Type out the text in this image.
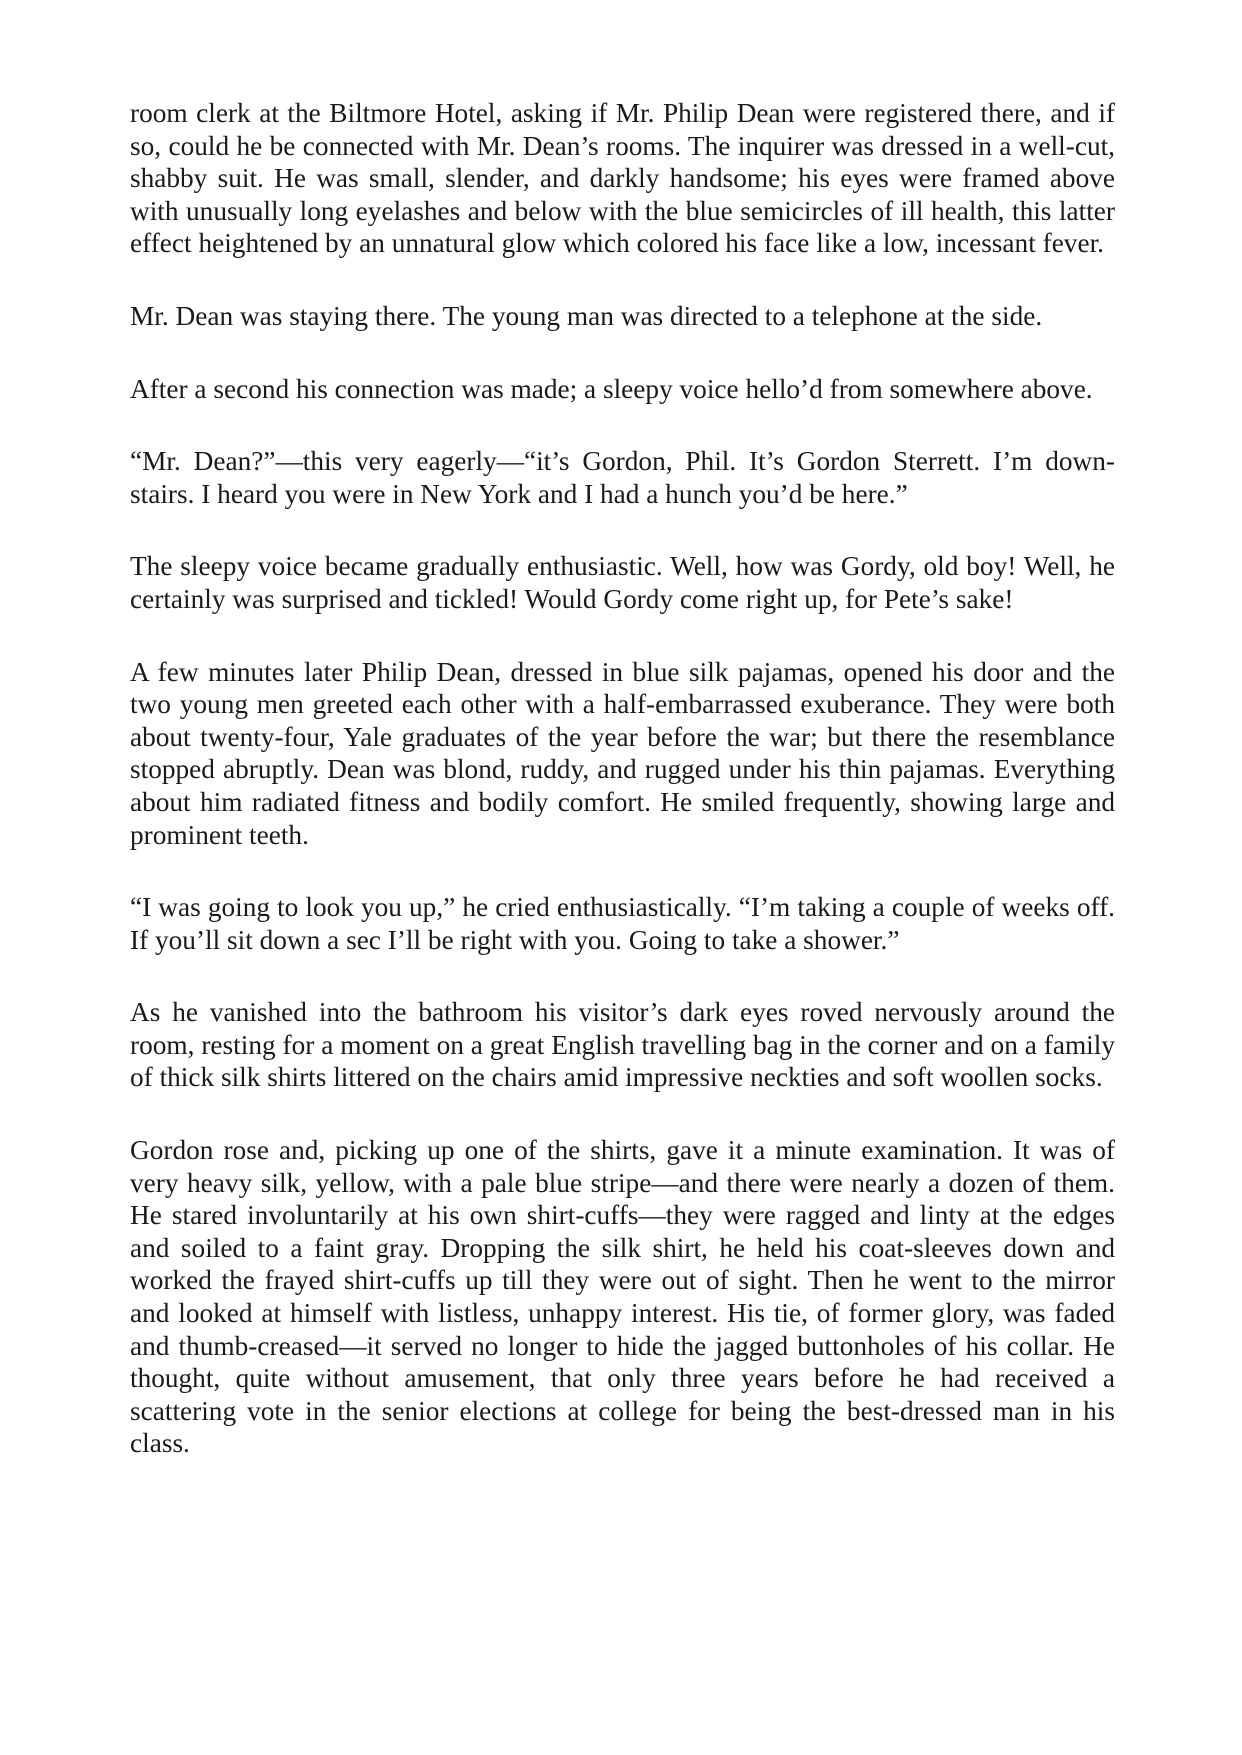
room clerk at the Biltmore Hotel, asking if Mr. Philip Dean were registered there, and if so, could he be connected with Mr. Dean’s rooms. The inquirer was dressed in a well-cut, shabby suit. He was small, slender, and darkly handsome; his eyes were framed above with unusually long eyelashes and below with the blue semicircles of ill health, this latter effect heightened by an unnatural glow which colored his face like a low, incessant fever.

Mr. Dean was staying there. The young man was directed to a telephone at the side.

After a second his connection was made; a sleepy voice hello’d from somewhere above.

“Mr. Dean?”—this very eagerly—“it’s Gordon, Phil. It’s Gordon Sterrett. I’m down-stairs. I heard you were in New York and I had a hunch you’d be here.”

The sleepy voice became gradually enthusiastic. Well, how was Gordy, old boy! Well, he certainly was surprised and tickled! Would Gordy come right up, for Pete’s sake!

A few minutes later Philip Dean, dressed in blue silk pajamas, opened his door and the two young men greeted each other with a half-embarrassed exuberance. They were both about twenty-four, Yale graduates of the year before the war; but there the resemblance stopped abruptly. Dean was blond, ruddy, and rugged under his thin pajamas. Everything about him radiated fitness and bodily comfort. He smiled frequently, showing large and prominent teeth.

“I was going to look you up,” he cried enthusiastically. “I’m taking a couple of weeks off. If you’ll sit down a sec I’ll be right with you. Going to take a shower.”

As he vanished into the bathroom his visitor’s dark eyes roved nervously around the room, resting for a moment on a great English travelling bag in the corner and on a family of thick silk shirts littered on the chairs amid impressive neckties and soft woollen socks.

Gordon rose and, picking up one of the shirts, gave it a minute examination. It was of very heavy silk, yellow, with a pale blue stripe—and there were nearly a dozen of them. He stared involuntarily at his own shirt-cuffs—they were ragged and linty at the edges and soiled to a faint gray. Dropping the silk shirt, he held his coat-sleeves down and worked the frayed shirt-cuffs up till they were out of sight. Then he went to the mirror and looked at himself with listless, unhappy interest. His tie, of former glory, was faded and thumb-creased—it served no longer to hide the jagged buttonholes of his collar. He thought, quite without amusement, that only three years before he had received a scattering vote in the senior elections at college for being the best-dressed man in his class.
